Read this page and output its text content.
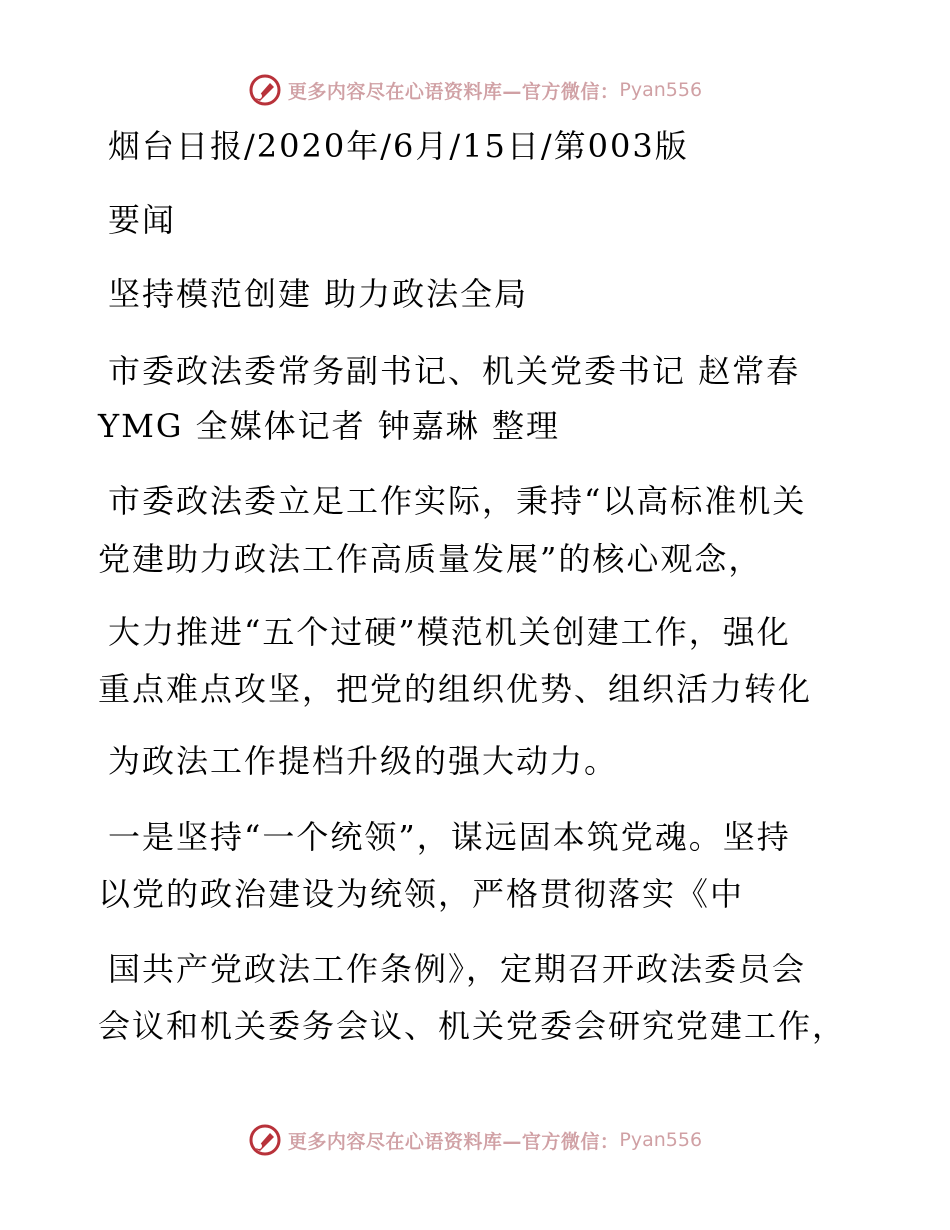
更多内容尽在心语资料库—官方微信： Pyan556
烟台日报/2020年/6月/15日/第003版
要闻
坚持模范创建 助力政法全局
市委政法委常务副书记、机关党委书记 赵常春
YMG 全媒体记者 钟嘉琳 整理
市委政法委立足工作实际，秉持“以高标准机关
党建助力政法工作高质量发展”的核心观念，
大力推进“五个过硬”模范机关创建工作，强化
重点难点攻坚，把党的组织优势、组织活力转化
为政法工作提档升级的强大动力。
一是坚持“一个统领”，谋远固本筑党魂。坚持
以党的政治建设为统领，严格贯彻落实《中
国共产党政法工作条例》，定期召开政法委员会
会议和机关委务会议、机关党委会研究党建工作，
更多内容尽在心语资料库—官方微信： Pyan556
